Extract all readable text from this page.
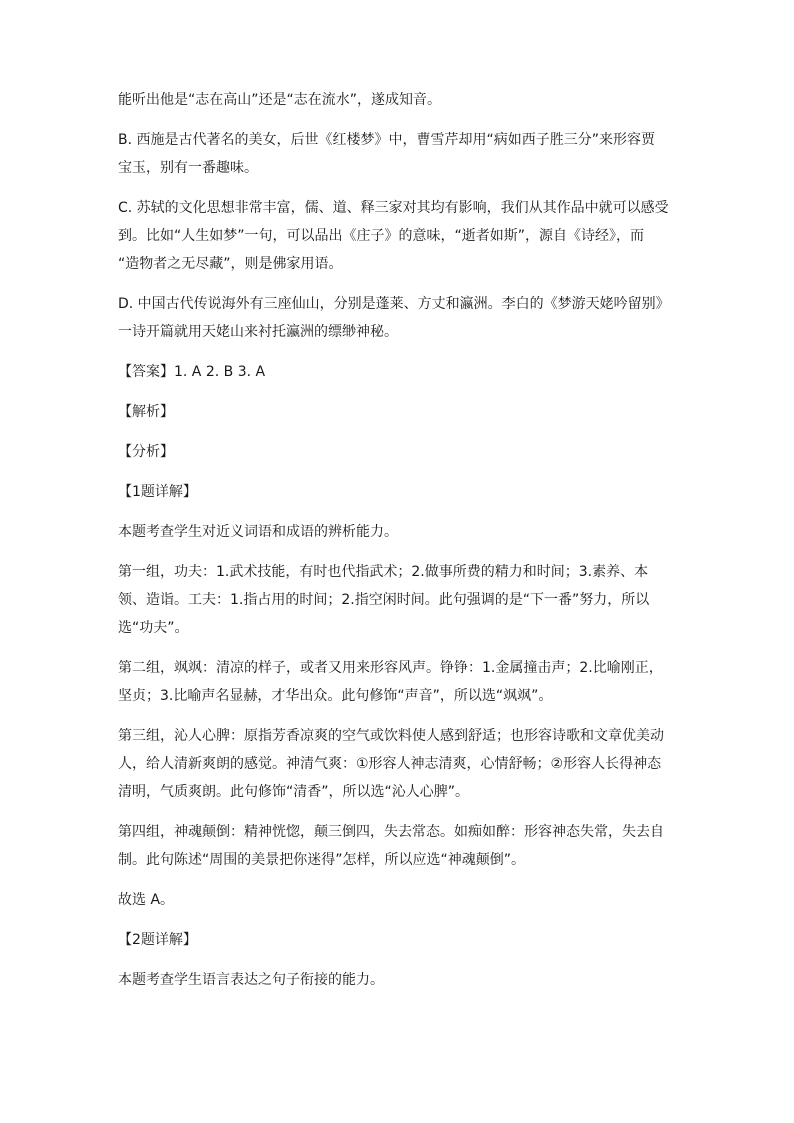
能听出他是“志在高山”还是“志在流水”，遂成知音。

B. 西施是古代著名的美女，后世《红楼梦》中，曹雪芹却用“病如西子胜三分”来形容贾
宝玉，别有一番趣味。

C. 苏轼的文化思想非常丰富，儒、道、释三家对其均有影响，我们从其作品中就可以感受
到。比如“人生如梦”一句，可以品出《庄子》的意味，“逝者如斯”，源自《诗经》，而
“造物者之无尽藏”，则是佛家用语。

D. 中国古代传说海外有三座仙山，分别是蓬莱、方丈和瀛洲。李白的《梦游天姥吟留别》
一诗开篇就用天姥山来衬托瀛洲的缥缈神秘。

【答案】1. A 2. B 3. A

【解析】

【分析】

【1题详解】

本题考查学生对近义词语和成语的辨析能力。

第一组，功夫：1.武术技能，有时也代指武术；2.做事所费的精力和时间；3.素养、本
领、造诣。工夫：1.指占用的时间；2.指空闲时间。此句强调的是“下一番”努力，所以
选“功夫”。

第二组，飒飒：清凉的样子，或者又用来形容风声。铮铮：1.金属撞击声；2.比喻刚正，
坚贞；3.比喻声名显赫，才华出众。此句修饰“声音”，所以选“飒飒”。

第三组，沁人心脾：原指芳香凉爽的空气或饮料使人感到舒适；也形容诗歌和文章优美动
人，给人清新爽朗的感觉。神清气爽：①形容人神志清爽，心情舒畅；②形容人长得神态
清明，气质爽朗。此句修饰“清香”，所以选“沁人心脾”。

第四组，神魂颠倒：精神恍惚，颠三倒四，失去常态。如痴如醉：形容神态失常，失去自
制。此句陈述“周围的美景把你迷得”怎样，所以应选“神魂颠倒”。

故选 A。

【2题详解】

本题考查学生语言表达之句子衔接的能力。
